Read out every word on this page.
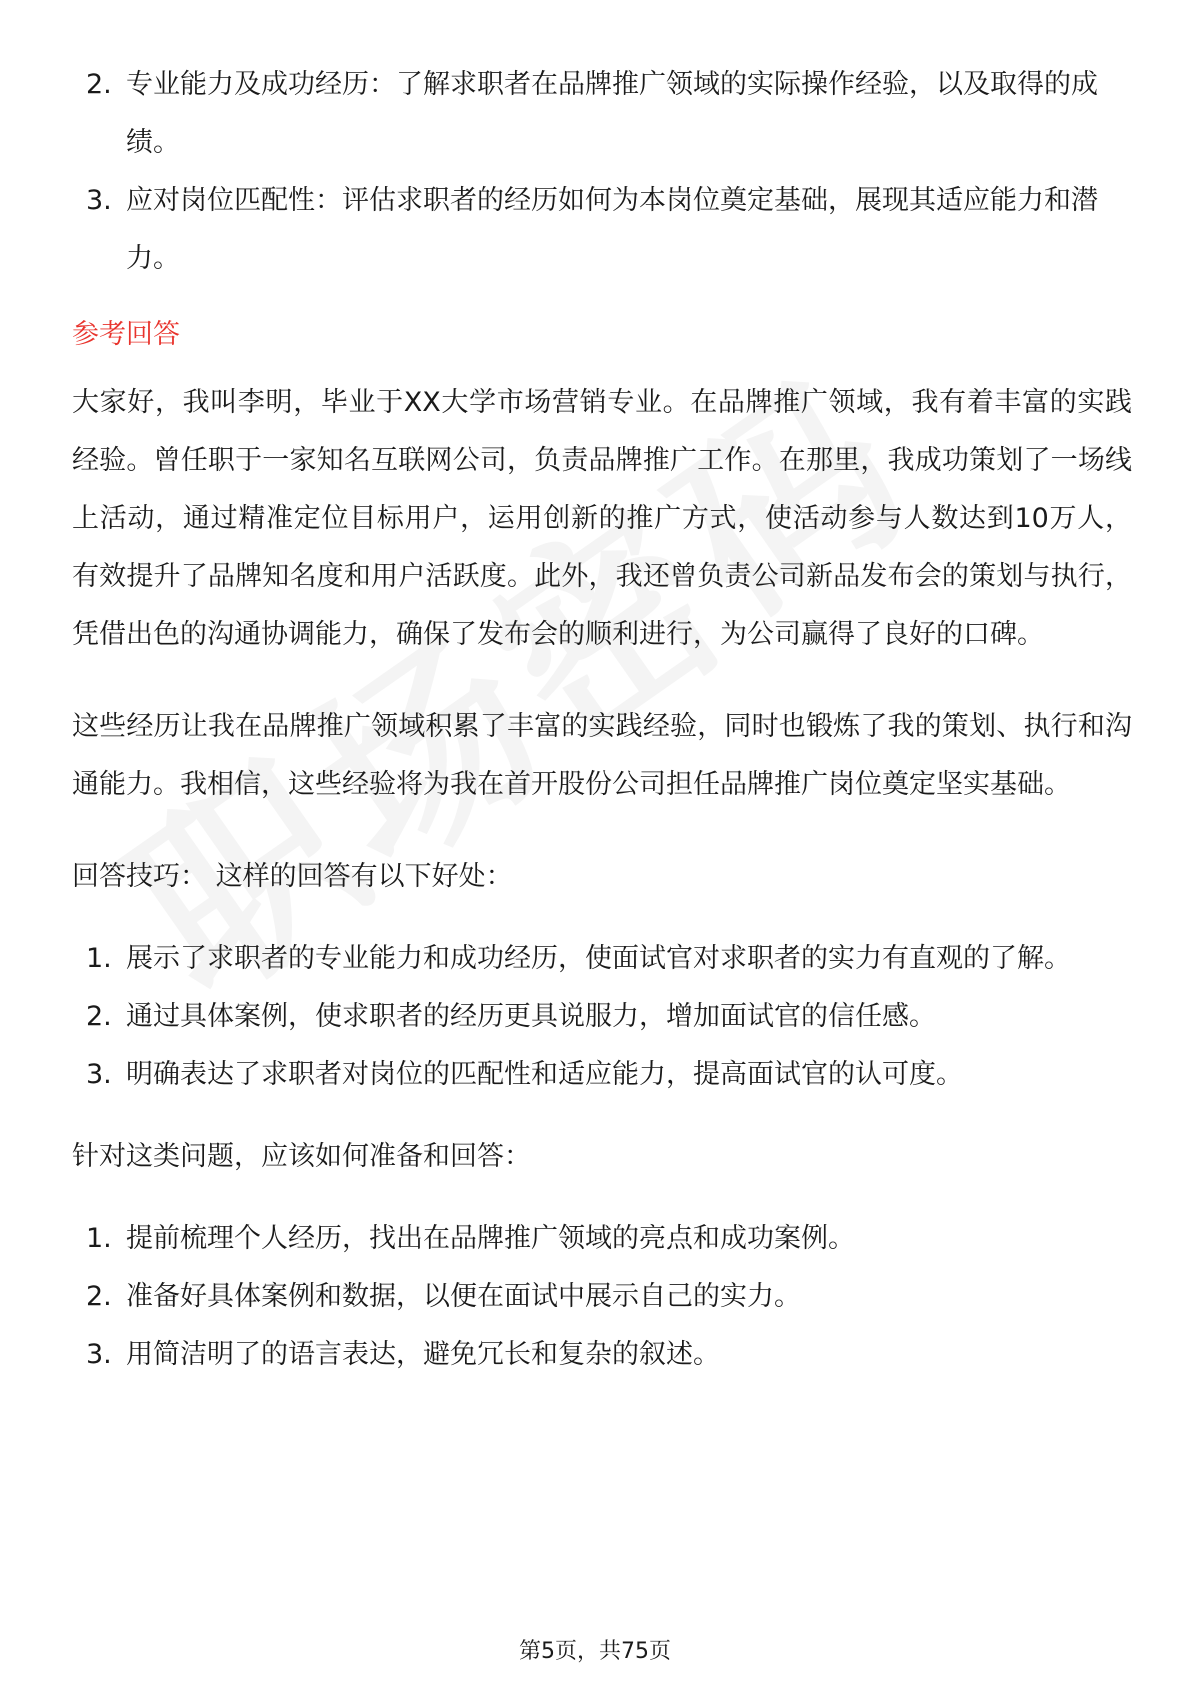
2. 专业能力及成功经历：了解求职者在品牌推广领域的实际操作经验，以及取得的成绩。
3. 应对岗位匹配性：评估求职者的经历如何为本岗位奠定基础，展现其适应能力和潜力。
参考回答

大家好，我叫李明，毕业于XX大学市场营销专业。在品牌推广领域，我有着丰富的实践经验。曾任职于一家知名互联网公司，负责品牌推广工作。在那里，我成功策划了一场线上活动，通过精准定位目标用户，运用创新的推广方式，使活动参与人数达到10万人，有效提升了品牌知名度和用户活跃度。此外，我还曾负责公司新品发布会的策划与执行，凭借出色的沟通协调能力，确保了发布会的顺利进行，为公司赢得了良好的口碑。

这些经历让我在品牌推广领域积累了丰富的实践经验，同时也锻炼了我的策划、执行和沟通能力。我相信，这些经验将为我在首开股份公司担任品牌推广岗位奠定坚实基础。

回答技巧： 这样的回答有以下好处：

1. 展示了求职者的专业能力和成功经历，使面试官对求职者的实力有直观的了解。
2. 通过具体案例，使求职者的经历更具说服力，增加面试官的信任感。
3. 明确表达了求职者对岗位的匹配性和适应能力，提高面试官的认可度。

针对这类问题，应该如何准备和回答：

1. 提前梳理个人经历，找出在品牌推广领域的亮点和成功案例。
2. 准备好具体案例和数据，以便在面试中展示自己的实力。
3. 用简洁明了的语言表达，避免冗长和复杂的叙述。
第5页，共75页
